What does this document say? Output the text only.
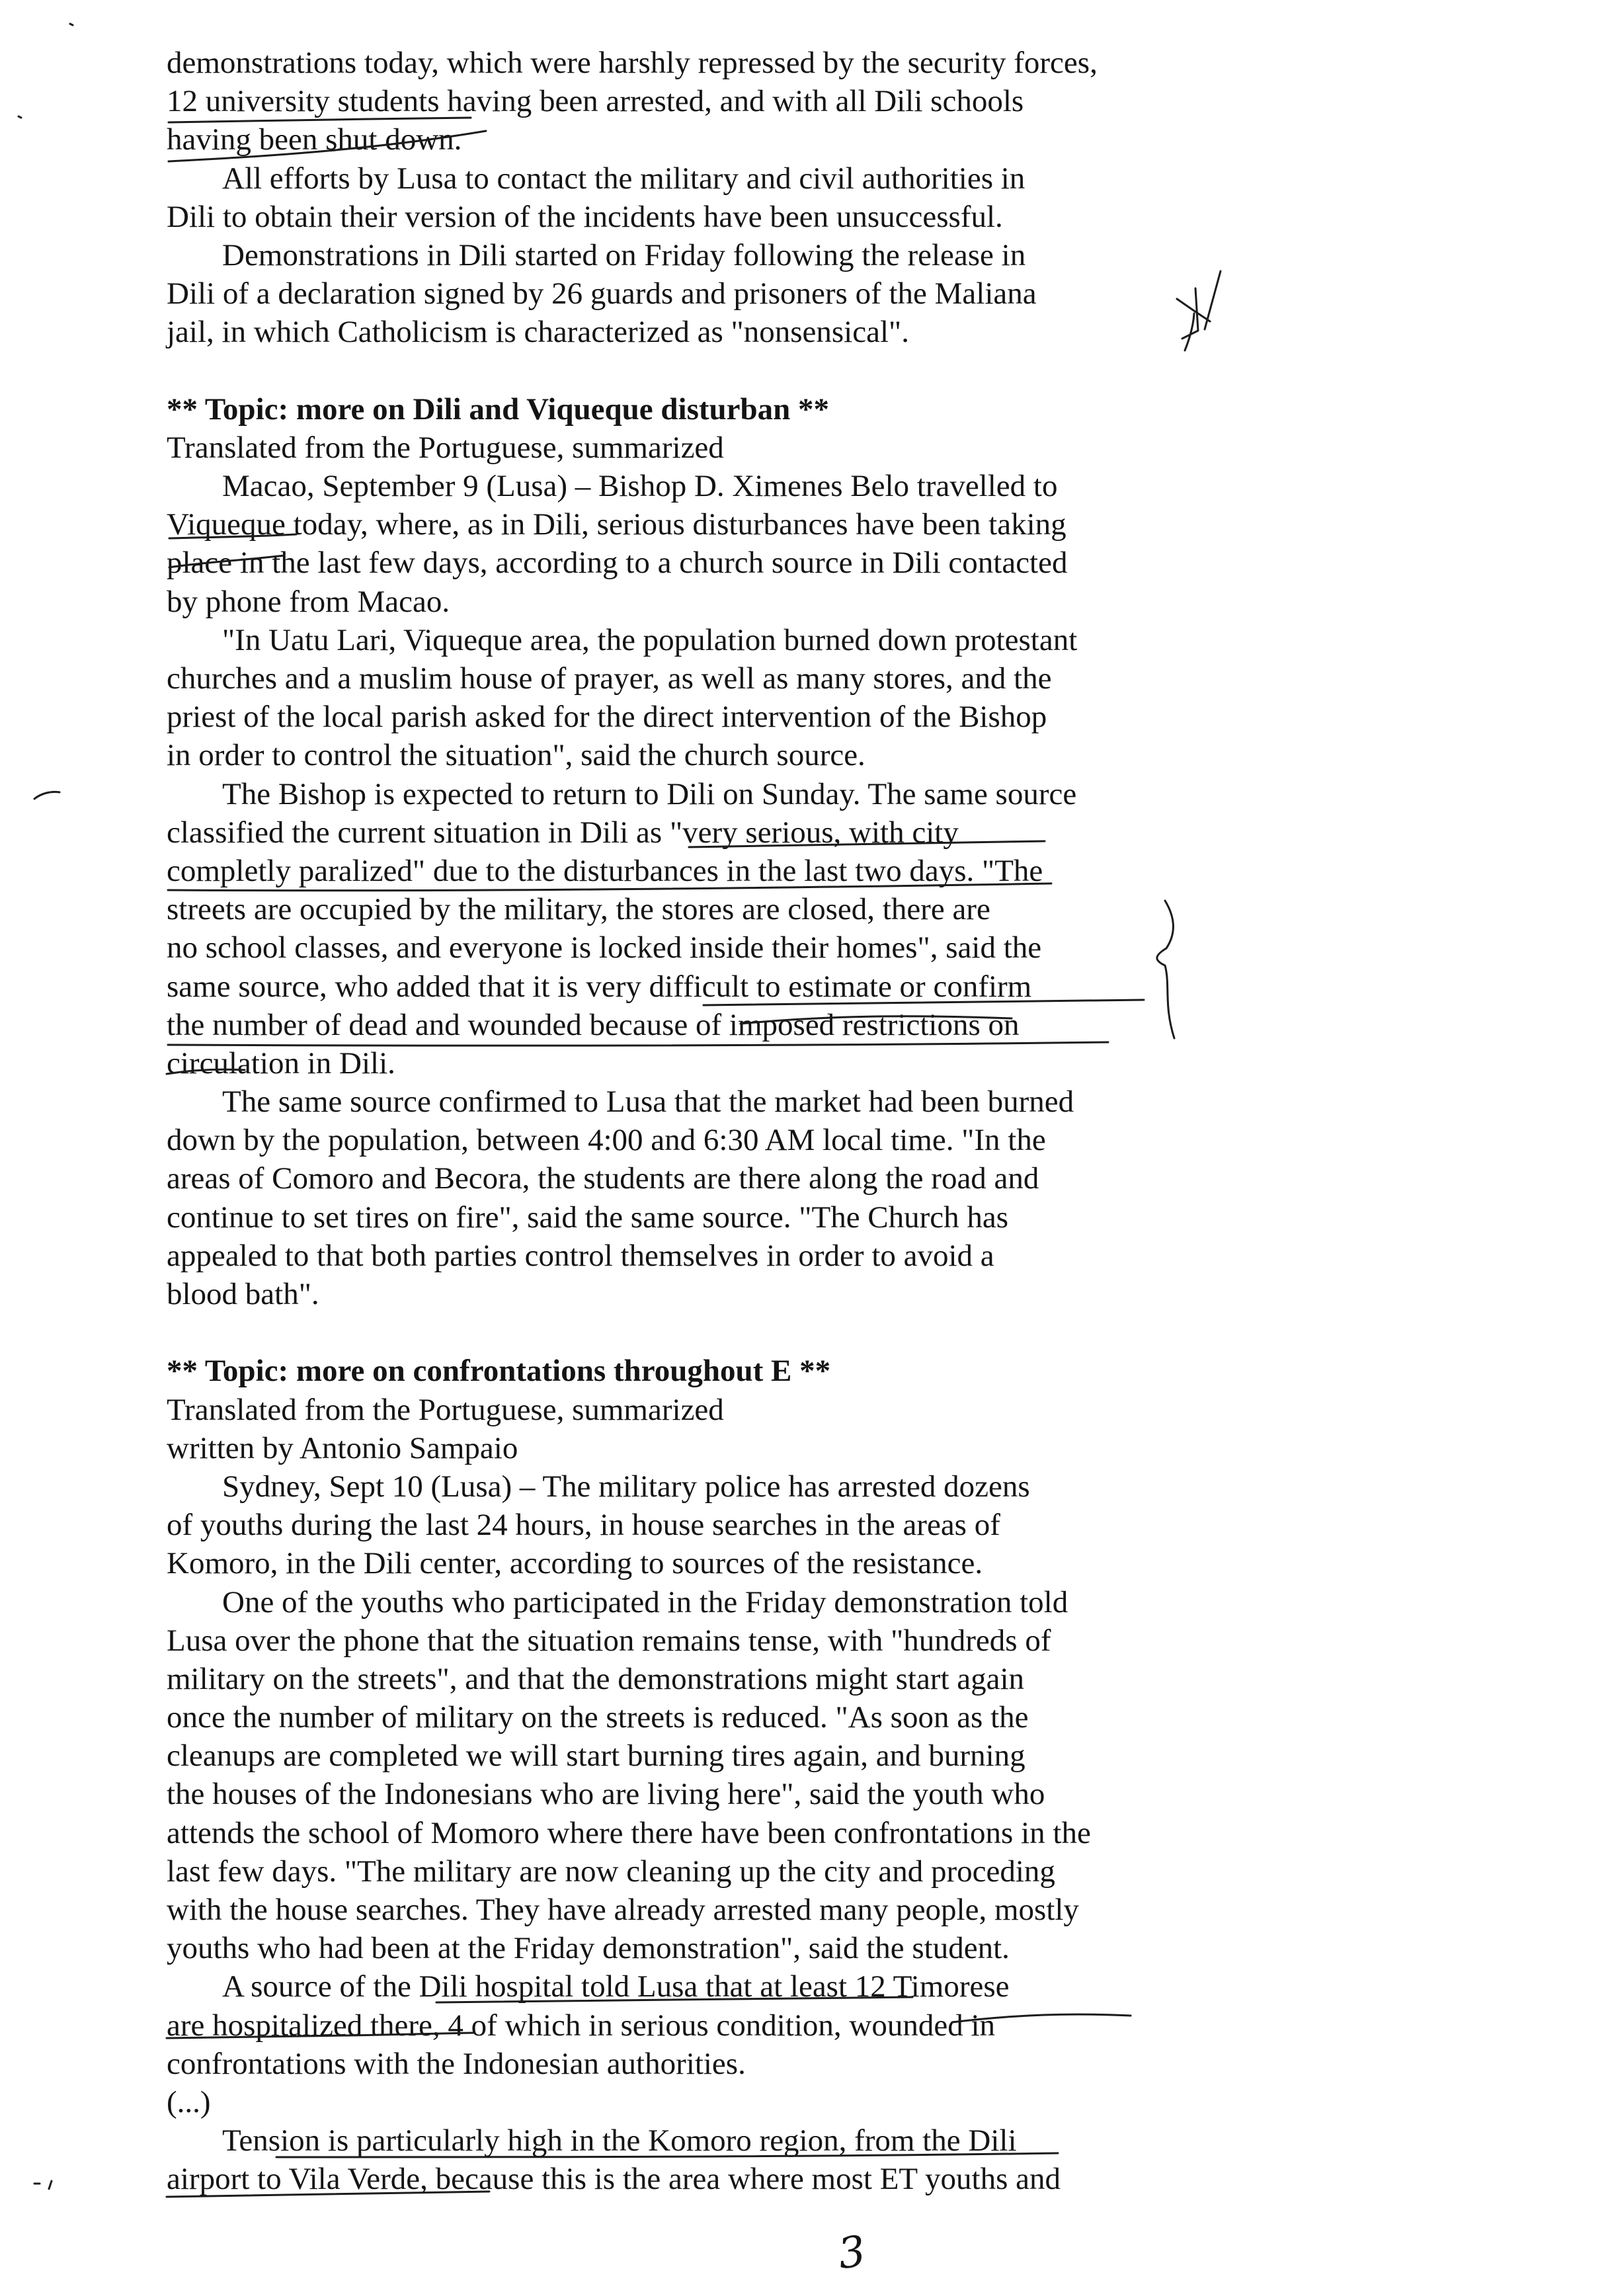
demonstrations today, which were harshly repressed by the security forces,
12 university students having been arrested, and with all Dili schools
having been shut down.
All efforts by Lusa to contact the military and civil authorities in
Dili to obtain their version of the incidents have been unsuccessful.
Demonstrations in Dili started on Friday following the release in
Dili of a declaration signed by 26 guards and prisoners of the Maliana
jail, in which Catholicism is characterized as "nonsensical".
** Topic: more on Dili and Viqueque disturban **
Translated from the Portuguese, summarized
Macao, September 9 (Lusa) – Bishop D. Ximenes Belo travelled to
Viqueque today, where, as in Dili, serious disturbances have been taking
place in the last few days, according to a church source in Dili contacted
by phone from Macao.
"In Uatu Lari, Viqueque area, the population burned down protestant
churches and a muslim house of prayer, as well as many stores, and the
priest of the local parish asked for the direct intervention of the Bishop
in order to control the situation", said the church source.
The Bishop is expected to return to Dili on Sunday. The same source
classified the current situation in Dili as "very serious, with city
completly paralized" due to the disturbances in the last two days. "The
streets are occupied by the military, the stores are closed, there are
no school classes, and everyone is locked inside their homes", said the
same source, who added that it is very difficult to estimate or confirm
the number of dead and wounded because of imposed restrictions on
circulation in Dili.
The same source confirmed to Lusa that the market had been burned
down by the population, between 4:00 and 6:30 AM local time. "In the
areas of Comoro and Becora, the students are there along the road and
continue to set tires on fire", said the same source. "The Church has
appealed to that both parties control themselves in order to avoid a
blood bath".
** Topic: more on confrontations throughout E **
Translated from the Portuguese, summarized
written by Antonio Sampaio
Sydney, Sept 10 (Lusa) – The military police has arrested dozens
of youths during the last 24 hours, in house searches in the areas of
Komoro, in the Dili center, according to sources of the resistance.
One of the youths who participated in the Friday demonstration told
Lusa over the phone that the situation remains tense, with "hundreds of
military on the streets", and that the demonstrations might start again
once the number of military on the streets is reduced. "As soon as the
cleanups are completed we will start burning tires again, and burning
the houses of the Indonesians who are living here", said the youth who
attends the school of Momoro where there have been confrontations in the
last few days. "The military are now cleaning up the city and proceding
with the house searches. They have already arrested many people, mostly
youths who had been at the Friday demonstration", said the student.
A source of the Dili hospital told Lusa that at least 12 Timorese
are hospitalized there, 4 of which in serious condition, wounded in
confrontations with the Indonesian authorities.
(...)
Tension is particularly high in the Komoro region, from the Dili
airport to Vila Verde, because this is the area where most ET youths and
3
